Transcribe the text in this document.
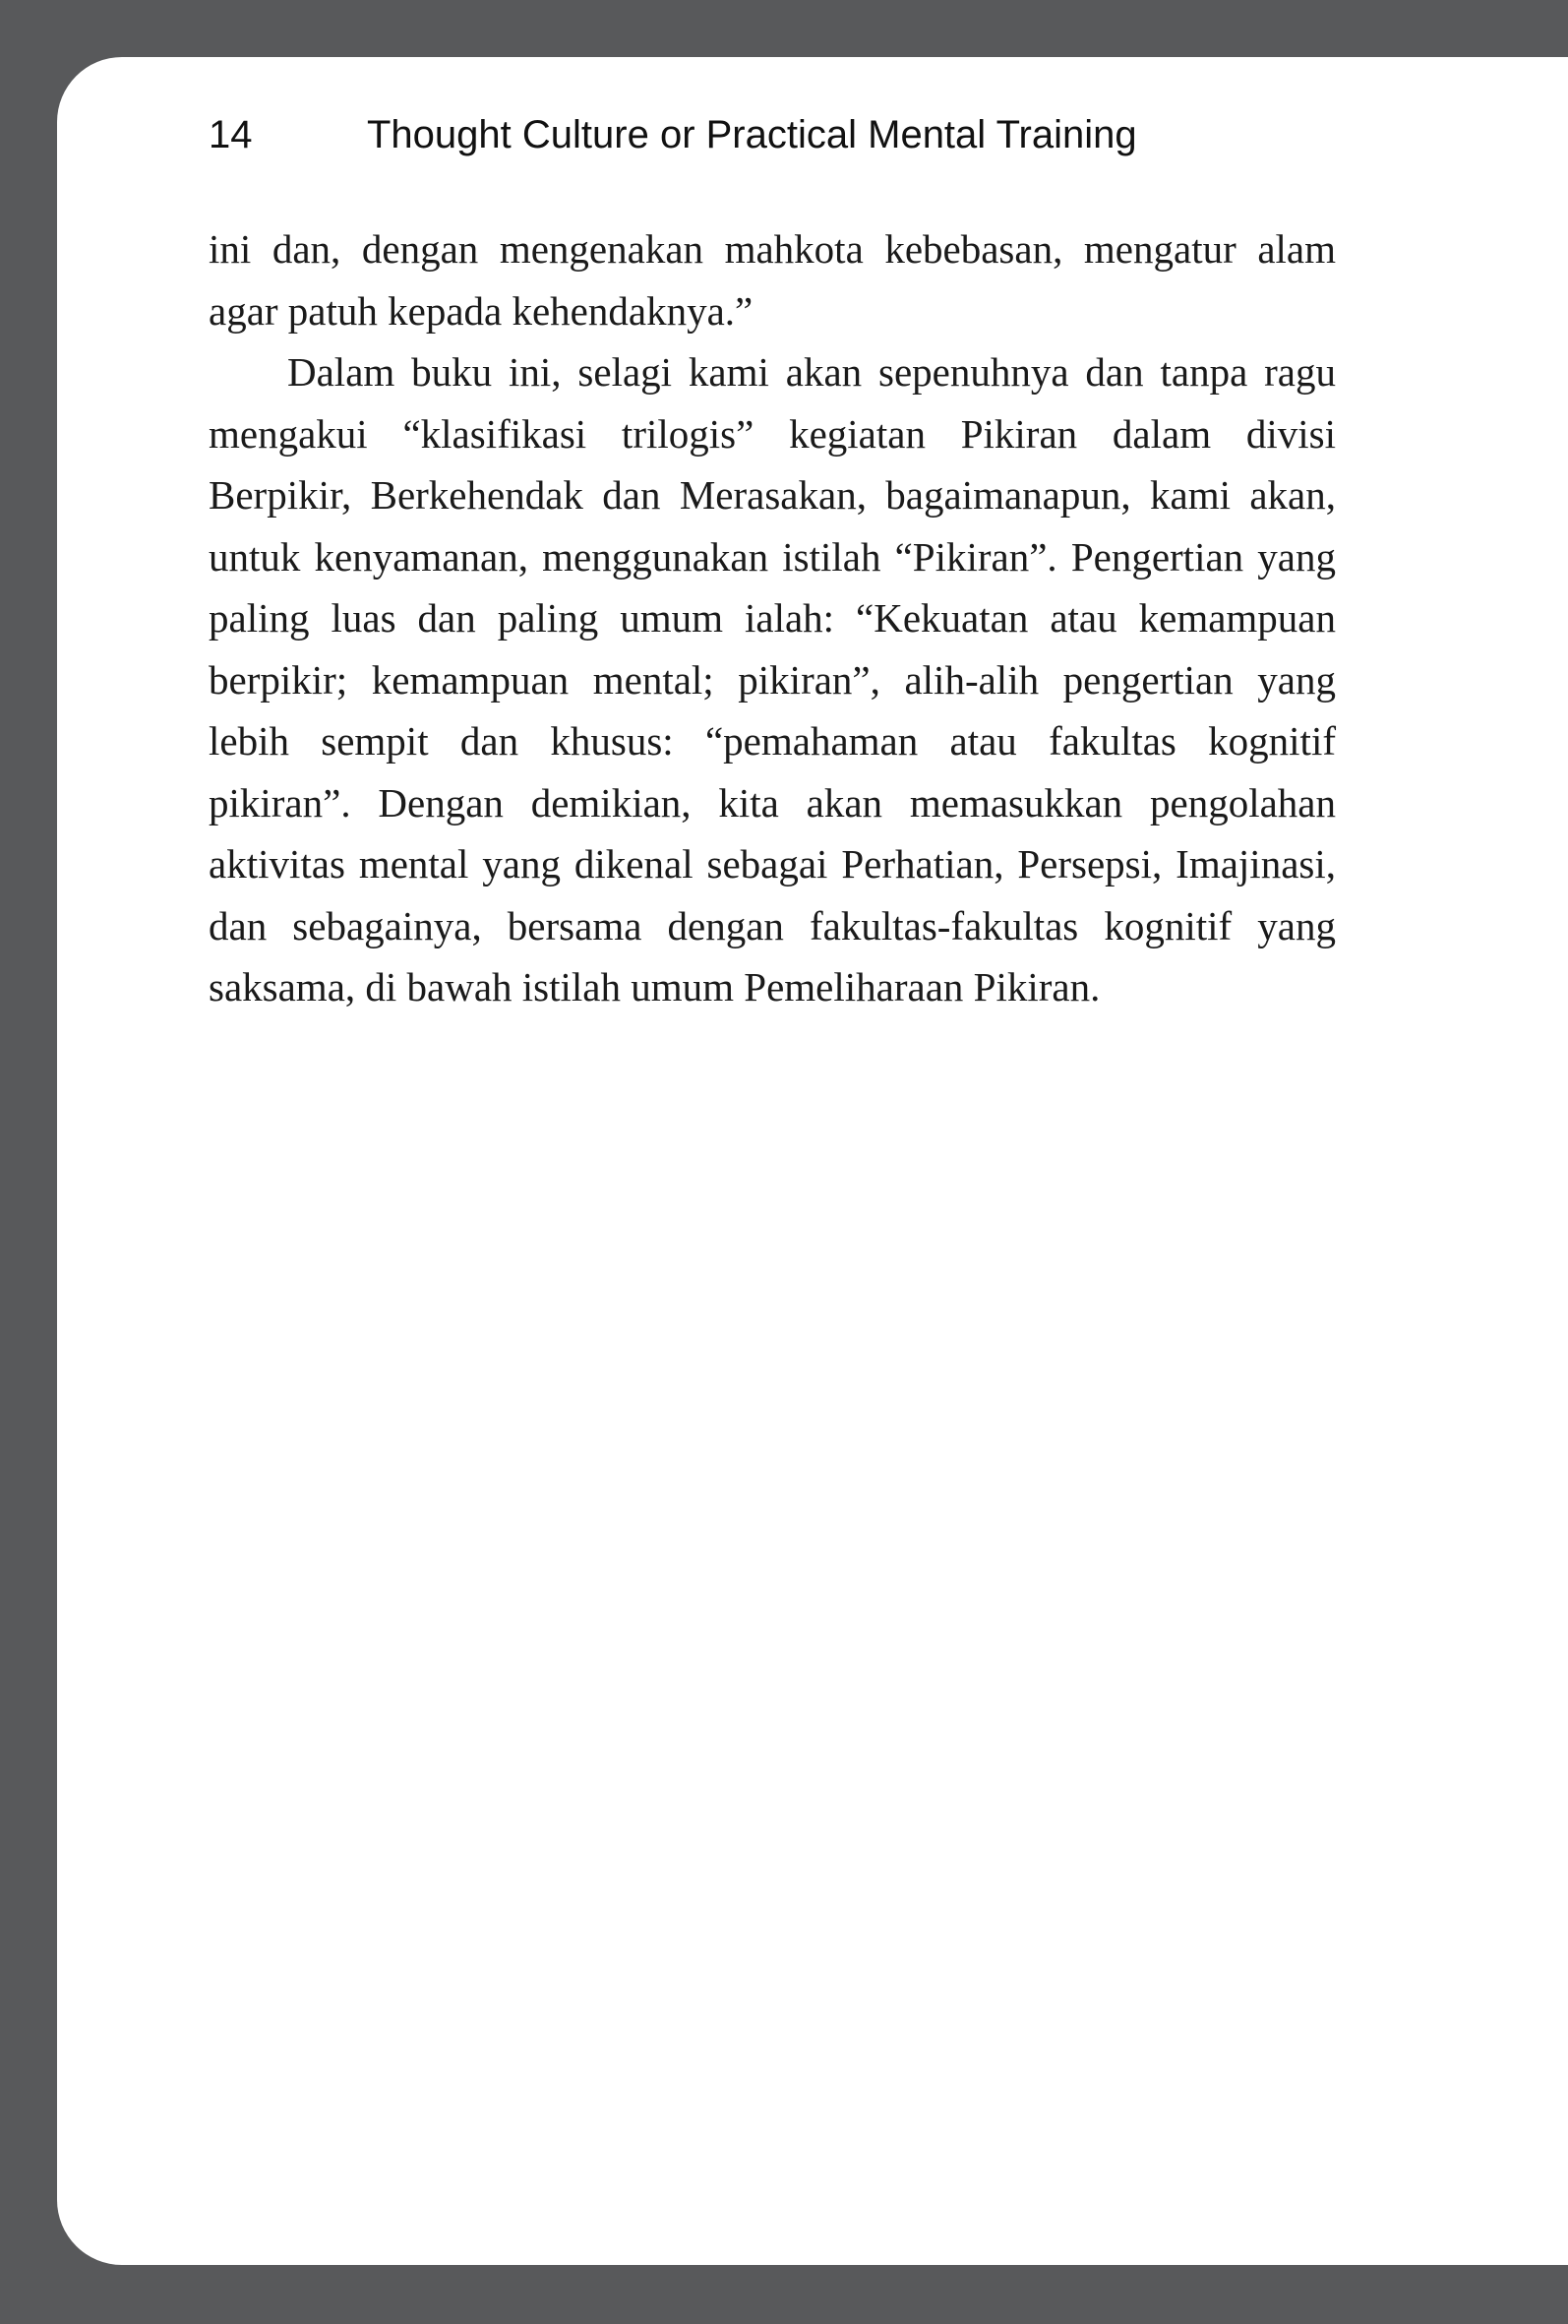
14	Thought Culture or Practical Mental Training

ini dan, dengan mengenakan mahkota kebebasan, mengatur alam agar patuh kepada kehendaknya.”

Dalam buku ini, selagi kami akan sepenuhnya dan tanpa ragu mengakui “klasifikasi trilogis” kegiatan Pikiran dalam divisi Berpikir, Berkehendak dan Merasakan, bagaimanapun, kami akan, untuk kenyamanan, menggunakan istilah “Pikiran”. Pengertian yang paling luas dan paling umum ialah: “Kekuatan atau kemampuan berpikir; kemampuan mental; pikiran”, alih-alih pengertian yang lebih sempit dan khusus: “pemahaman atau fakultas kognitif pikiran”. Dengan demikian, kita akan memasukkan pengolahan aktivitas mental yang dikenal sebagai Perhatian, Persepsi, Imajinasi, dan sebagainya, bersama dengan fakultas-fakultas kognitif yang saksama, di bawah istilah umum Pemeliharaan Pikiran.
